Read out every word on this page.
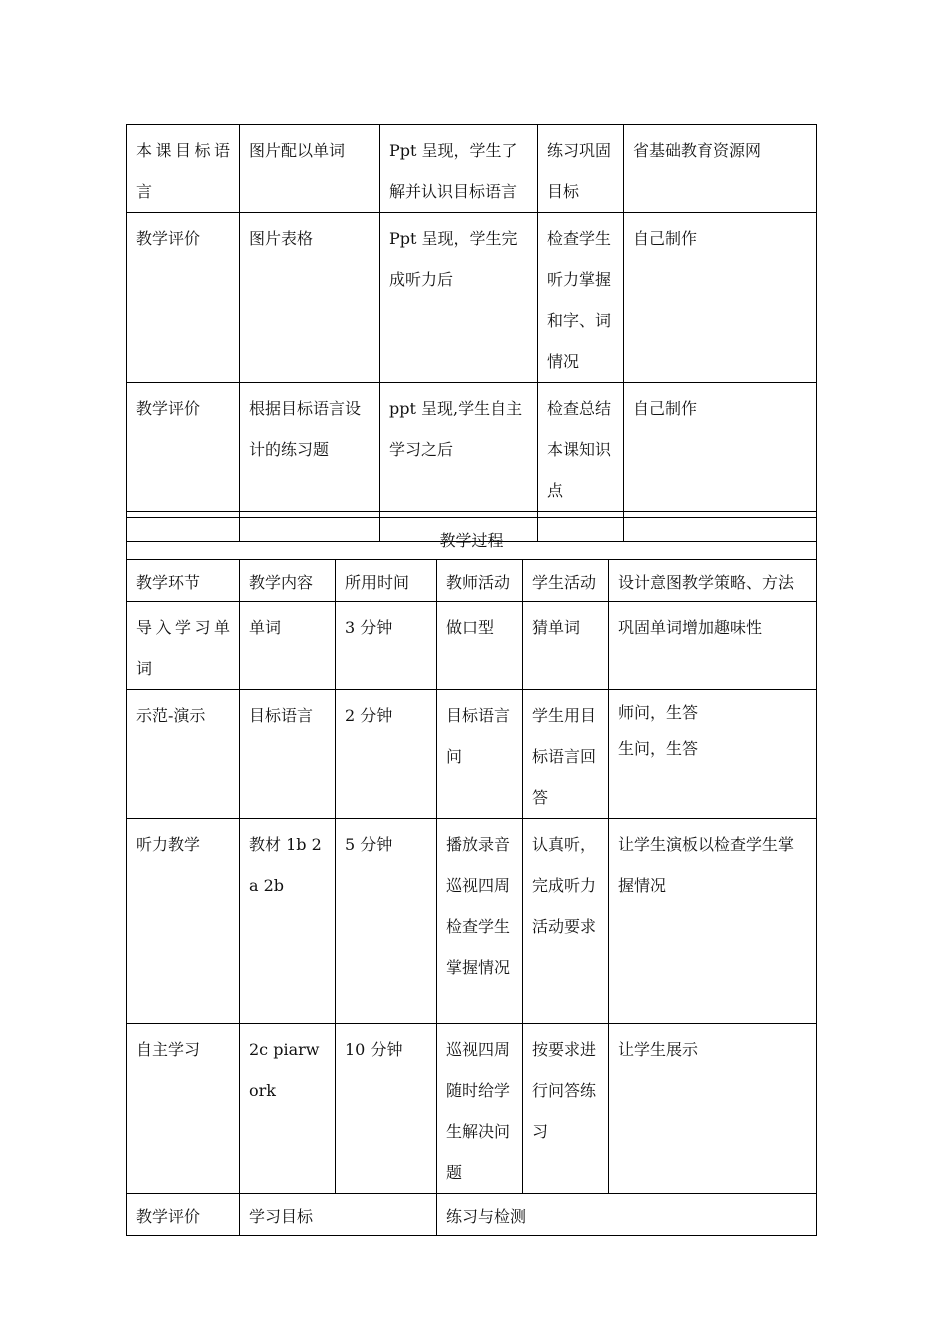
本课目标语言	图片配以单词	Ppt 呈现，学生了解并认识目标语言	练习巩固目标	省基础教育资源网
教学评价	图片表格	Ppt 呈现，学生完成听力后	检查学生听力掌握和字、词情况	自己制作
教学评价	根据目标语言设计的练习题	ppt 呈现,学生自主学习之后	检查总结本课知识点	自己制作

教学过程					
教学环节	教学内容	所用时间	教师活动	学生活动	设计意图教学策略、方法
导入学习单词	单词	3 分钟	做口型	猜单词	巩固单词增加趣味性

示范-演示	目标语言	2 分钟	目标语言问	学生用目标语言回答	师问，生答
生问，生答

听力教学	教材 1b 2a 2b	5 分钟	播放录音巡视四周检查学生掌握情况	认真听，完成听力活动要求	让学生演板以检查学生掌握情况

自主学习	2c piarwork	10 分钟	巡视四周随时给学生解决问题	按要求进行问答练习	让学生展示

教学评价	学习目标		练习与检测		
